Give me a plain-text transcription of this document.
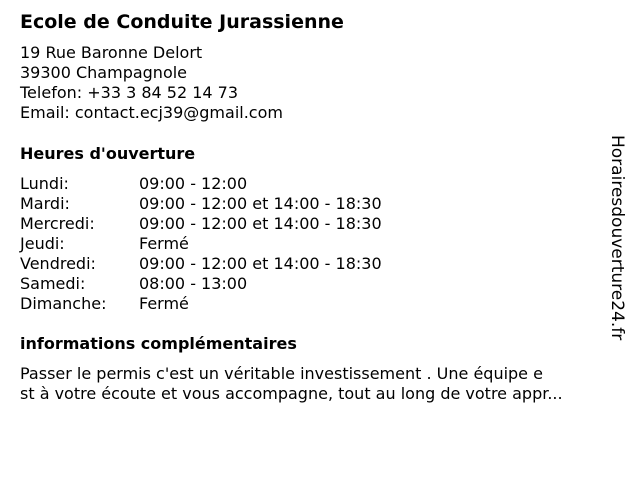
Ecole de Conduite Jurassienne
19 Rue Baronne Delort
39300 Champagnole
Telefon: +33 3 84 52 14 73
Email: contact.ecj39@gmail.com
Heures d'ouverture
Lundi:	09:00 - 12:00
Mardi:	09:00 - 12:00 et 14:00 - 18:30
Mercredi:	09:00 - 12:00 et 14:00 - 18:30
Jeudi:	Fermé
Vendredi:	09:00 - 12:00 et 14:00 - 18:30
Samedi:	08:00 - 13:00
Dimanche: Fermé
informations complémentaires
Passer le permis c'est un véritable investissement . Une équipe e
st à votre écoute et vous accompagne, tout au long de votre appr...
Horairesdouverture24.fr
